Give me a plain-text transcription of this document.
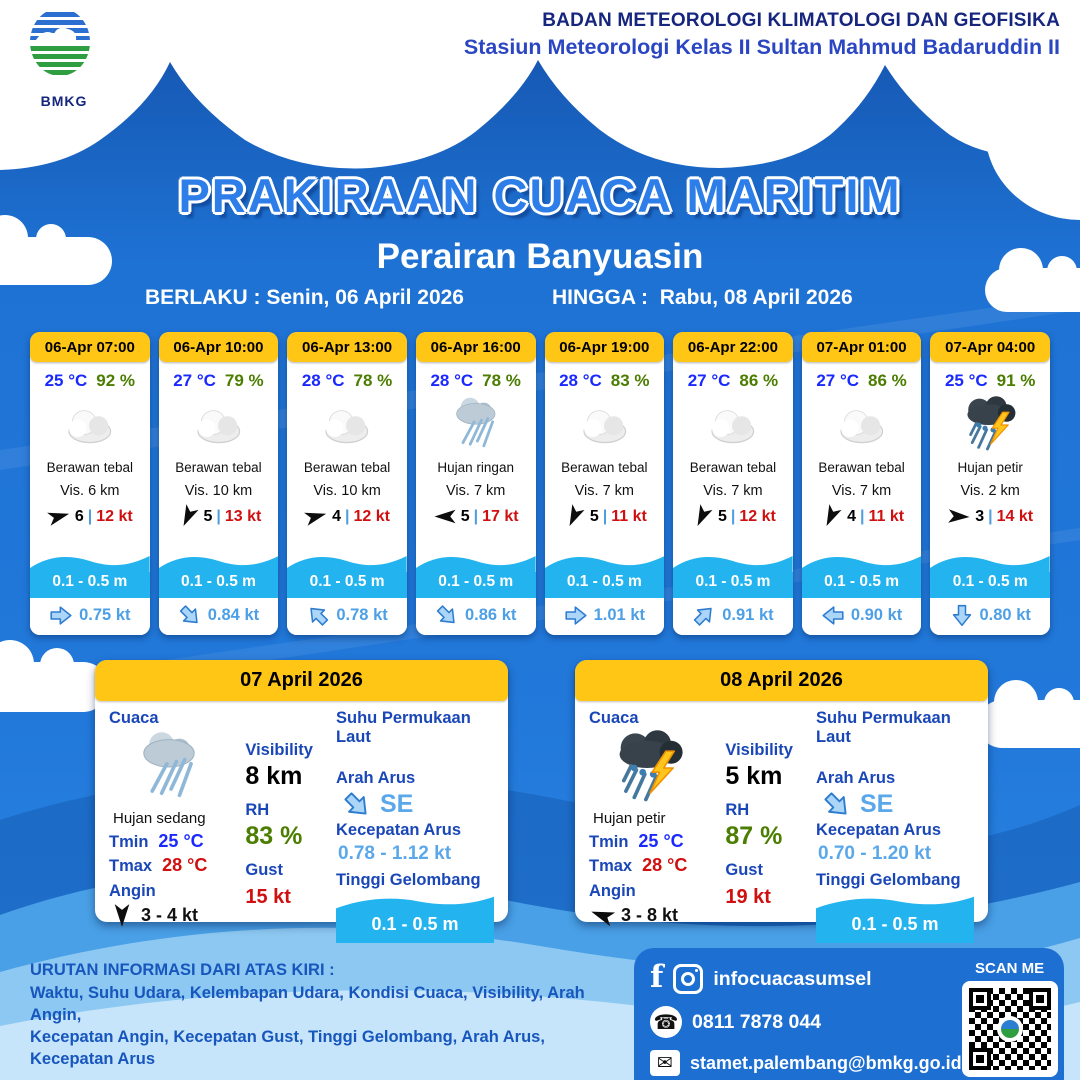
BMKG
BADAN METEOROLOGI KLIMATOLOGI DAN GEOFISIKA
Stasiun Meteorologi Kelas II Sultan Mahmud Badaruddin II
PRAKIRAAN CUACA MARITIM
Perairan Banyuasin
BERLAKU : Senin, 06 April 2026	HINGGA : Rabu, 08 April 2026
06-Apr 07:00
25 °C 92 %
Berawan tebal
Vis. 6 km
6 | 12 kt
0.1 - 0.5 m
0.75 kt
06-Apr 10:00
27 °C 79 %
Berawan tebal
Vis. 10 km
5 | 13 kt
0.1 - 0.5 m
0.84 kt
06-Apr 13:00
28 °C 78 %
Berawan tebal
Vis. 10 km
4 | 12 kt
0.1 - 0.5 m
0.78 kt
06-Apr 16:00
28 °C 78 %
Hujan ringan
Vis. 7 km
5 | 17 kt
0.1 - 0.5 m
0.86 kt
06-Apr 19:00
28 °C 83 %
Berawan tebal
Vis. 7 km
5 | 11 kt
0.1 - 0.5 m
1.01 kt
06-Apr 22:00
27 °C 86 %
Berawan tebal
Vis. 7 km
5 | 12 kt
0.1 - 0.5 m
0.91 kt
07-Apr 01:00
27 °C 86 %
Berawan tebal
Vis. 7 km
4 | 11 kt
0.1 - 0.5 m
0.90 kt
07-Apr 04:00
25 °C 91 %
Hujan petir
Vis. 2 km
3 | 14 kt
0.1 - 0.5 m
0.80 kt
07 April 2026
Cuaca
Hujan sedang
Tmin 25 °C
Tmax 28 °C
Angin
3 - 4 kt
Visibility
8 km
RH
83 %
Gust
15 kt
Suhu Permukaan Laut
Arah Arus
SE
Kecepatan Arus
0.78 - 1.12 kt
Tinggi Gelombang
0.1 - 0.5 m
08 April 2026
Cuaca
Hujan petir
Tmin 25 °C
Tmax 28 °C
Angin
3 - 8 kt
Visibility
5 km
RH
87 %
Gust
19 kt
Suhu Permukaan Laut
Arah Arus
SE
Kecepatan Arus
0.70 - 1.20 kt
Tinggi Gelombang
0.1 - 0.5 m
URUTAN INFORMASI DARI ATAS KIRI :
Waktu, Suhu Udara, Kelembapan Udara, Kondisi Cuaca, Visibility, Arah Angin,
Kecepatan Angin, Kecepatan Gust, Tinggi Gelombang, Arah Arus, Kecepatan Arus
f	infocuacasumsel
☎ 0811 7878 044
✉ stamet.palembang@bmkg.go.id
SCAN ME
